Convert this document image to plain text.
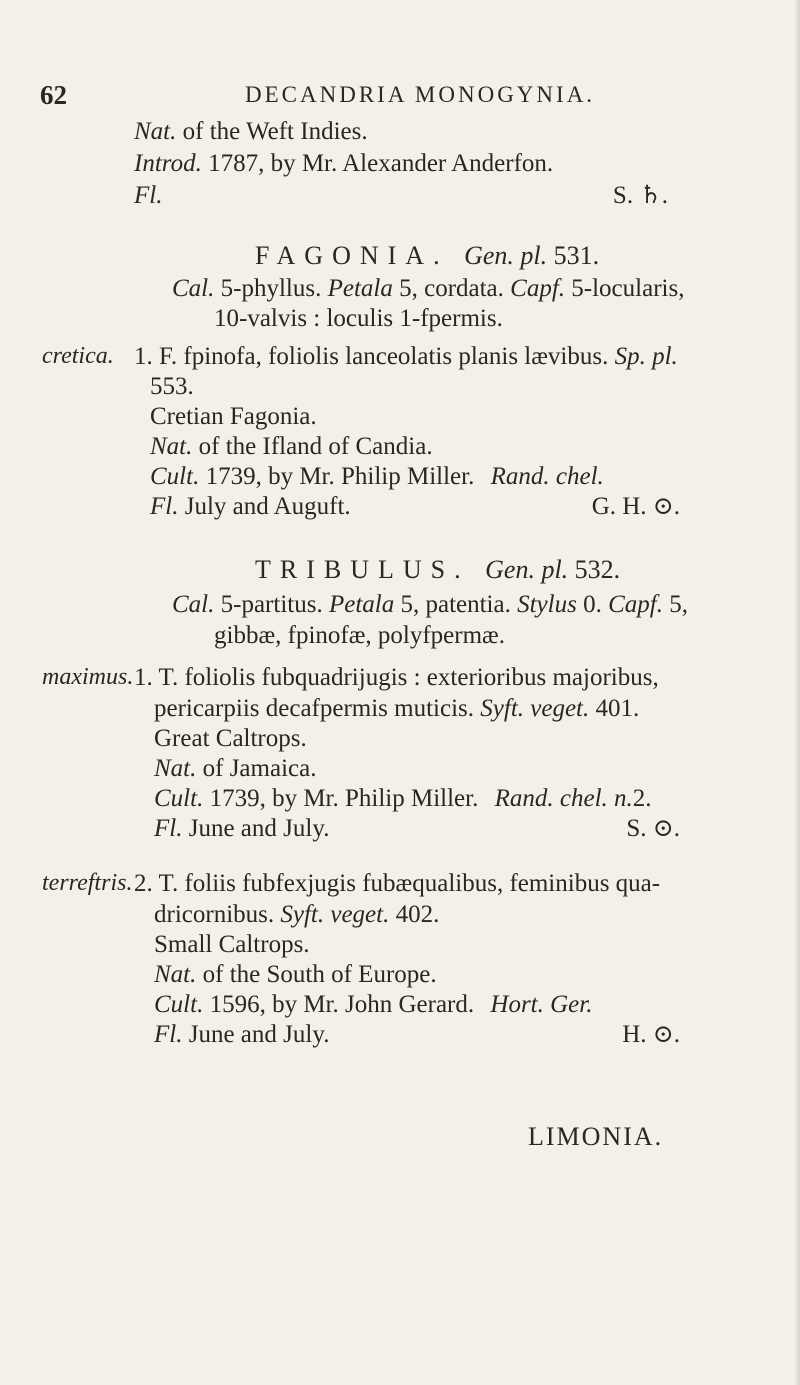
62	DECANDRIA MONOGYNIA.
Nat. of the Weft Indies.
Introd. 1787, by Mr. Alexander Anderfon.
Fl.	S. ♄.
FAGONIA. Gen. pl. 531.
Cal. 5-phyllus. Petala 5, cordata. Capf. 5-locularis,
10-valvis : loculis 1-fpermis.
cretica. 1. F. fpinofa, foliolis lanceolatis planis lævibus. Sp. pl.
553.
Cretian Fagonia.
Nat. of the Ifland of Candia.
Cult. 1739, by Mr. Philip Miller. Rand. chel.
Fl. July and Auguft.	G. H. ⊙.
TRIBULUS. Gen. pl. 532.
Cal. 5-partitus. Petala 5, patentia. Stylus 0. Capf. 5,
gibbæ, fpinofæ, polyfpermæ.
maximus. 1. T. foliolis fubquadrijugis : exterioribus majoribus,
pericarpiis decafpermis muticis. Syft. veget. 401.
Great Caltrops.
Nat. of Jamaica.
Cult. 1739, by Mr. Philip Miller. Rand. chel. n.2.
Fl. June and July.	S. ⊙.
terreftris. 2. T. foliis fubfexjugis fubæqualibus, feminibus qua-
dricornibus. Syft. veget. 402.
Small Caltrops.
Nat. of the South of Europe.
Cult. 1596, by Mr. John Gerard. Hort. Ger.
Fl. June and July.	H. ⊙.
LIMONIA.
